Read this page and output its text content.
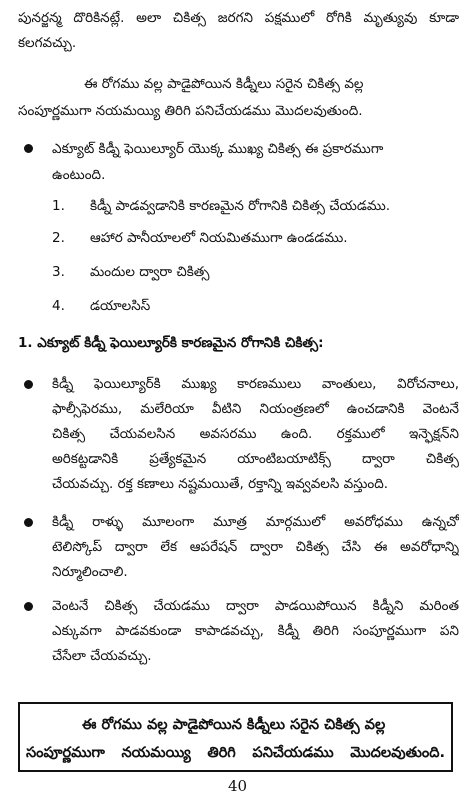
పునర్జన్మ దొరికినట్లే. అలా చికిత్స జరగని పక్షములో రోగికి మృత్యువు కూడా
కలగవచ్చు.
ఈ రోగము వల్ల పాడైపోయిన కిడ్నీలు సరైన చికిత్స వల్ల
సంపూర్ణముగా నయమయ్యి తిరిగి పనిచేయడము మొదలవుతుంది.
ఎక్యూట్ కిడ్నీ ఫెయిల్యూర్ యొక్క ముఖ్య చికిత్స ఈ ప్రకారముగా
ఉంటుంది.
1. కిడ్నీ పాడవ్వడానికి కారణమైన రోగానికి చికిత్స చేయడము.
2. ఆహార పానీయాలలో నియమితముగా ఉండడము.
3. మందుల ద్వారా చికిత్స
4. డయాలసిస్
1. ఎక్యూట్ కిడ్నీ ఫెయిల్యూర్‌కి కారణమైన రోగానికి చికిత్స:
కిడ్నీ ఫెయిల్యూర్‌కి ముఖ్య కారణములు వాంతులు, విరోచనాలు,
ఫాల్సీఫెరము, మలేరియా వీటిని నియంత్రణలో ఉంచడానికి వెంటనే
చికిత్స చేయవలసిన అవసరము ఉంది. రక్తములో ఇన్ఫెక్షన్‌ని
అరికట్టడానికి ప్రత్యేకమైన యాంటిబయాటిక్స్ ద్వారా చికిత్స
చేయవచ్చు. రక్త కణాలు నష్టమయితే, రక్తాన్ని ఇవ్వవలసి వస్తుంది.
కిడ్నీ రాళ్ళు మూలంగా మూత్ర మార్గములో అవరోధము ఉన్నచో
టెలిస్కోప్ ద్వారా లేక ఆపరేషన్ ద్వారా చికిత్స చేసి ఈ అవరోధాన్ని
నిర్మూలించాలి.
వెంటనే చికిత్స చేయడము ద్వారా పాడయిపోయిన కిడ్నీని మరింత
ఎక్కువగా పాడవకుండా కాపాడవచ్చు, కిడ్నీ తిరిగి సంపూర్ణముగా పని
చేసేలా చేయవచ్చు.
ఈ రోగము వల్ల పాడైపోయిన కిడ్నీలు సరైన చికిత్స వల్ల
సంపూర్ణముగా నయమయ్యి తిరిగి పనిచేయడము మొదలవుతుంది.
40
